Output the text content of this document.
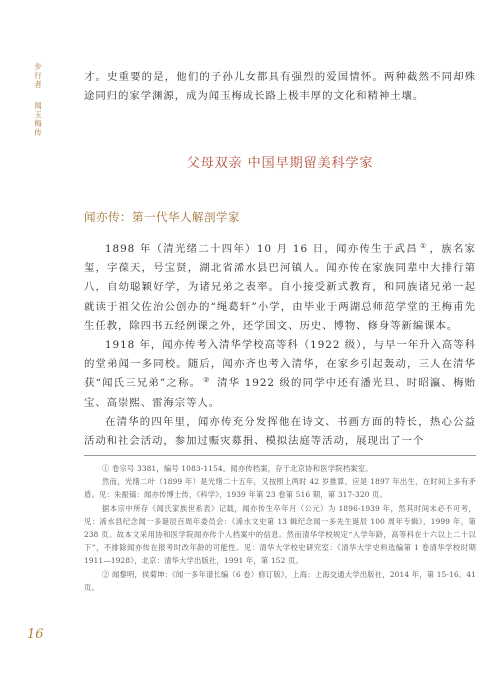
步
行
者
闻
玉
梅
传

才。史重要的是，他们的子孙儿女都具有强烈的爱国情怀。两种截然不同却殊途同归的家学渊源，成为闻玉梅成长路上极丰厚的文化和精神土壤。

父母双亲 中国早期留美科学家
闻亦传：第一代华人解剖学家

1898 年（清光绪二十四年）10 月 16 日，闻亦传生于武昌 ① ，族名家玺，字葆天，号宝贤，湖北省浠水县巴河镇人。闻亦传在家族同辈中大排行第八，自幼聪颖好学，为诸兄弟之表率。自小接受新式教育，和同族诸兄弟一起就读于祖父佐治公创办的“绳葛轩”小学，由毕业于两湖总师范学堂的王梅甫先生任教，除四书五经例课之外，还学国文、历史、博物、修身等新编课本。

1918 年，闻亦传考入清华学校高等科（1922 级），与早一年升入高等科的堂弟闻一多同校。随后，闻亦齐也考入清华，在家乡引起轰动，三人在清华获“闻氏三兄弟”之称。 ② 清华 1922 级的同学中还有潘光旦、时昭瀛、梅贻宝、高崇熙、雷海宗等人。

在清华的四年里，闻亦传充分发挥他在诗文、书画方面的特长，热心公益活动和社会活动，参加过赈灾募捐、模拟法庭等活动，展现出了一个

① 卷宗号 3381，编号 1083-1154。闻亦传档案，存于北京协和医学院档案室。

然而，光绪二叶（1899 年）是光绪二十五年，又按照上两时 42 岁推算，应是 1897 年出生，在时间上多有矛盾。见：朱振镐：闻亦传博士传，《科学》，1939 年第 23 卷第 516 期，第 317-320 页。

据本宗中所存《闻氏家族世系表》记载，闻亦传生卒年月（公元）为 1896-1939 年，然其时间未必不可考，见：浠水县纪念闻一多诞辰百周年委员会：《浠水文史第 13 辑纪念闻一多先生诞辰 100 周年专辑》，1999 年，第 238 页。故本文采用协和医学院闻亦传个人档案中的信息。然而清华学校规定“入学年龄，高等科在十六以上二十以下”，不排除闻亦传在报考时改年龄的可能性。见：清华大学校史研究室：《清华大学史料选编第 1 卷清华学校时期 1911—1928》，北京：清华大学出版社，1991 年，第 152 页。

② 闻黎明，侯菊坤：《闻一多年谱长编（6 卷）修订版》，上海：上海交通大学出版社，2014 年，第 15-16、41 页。

16
